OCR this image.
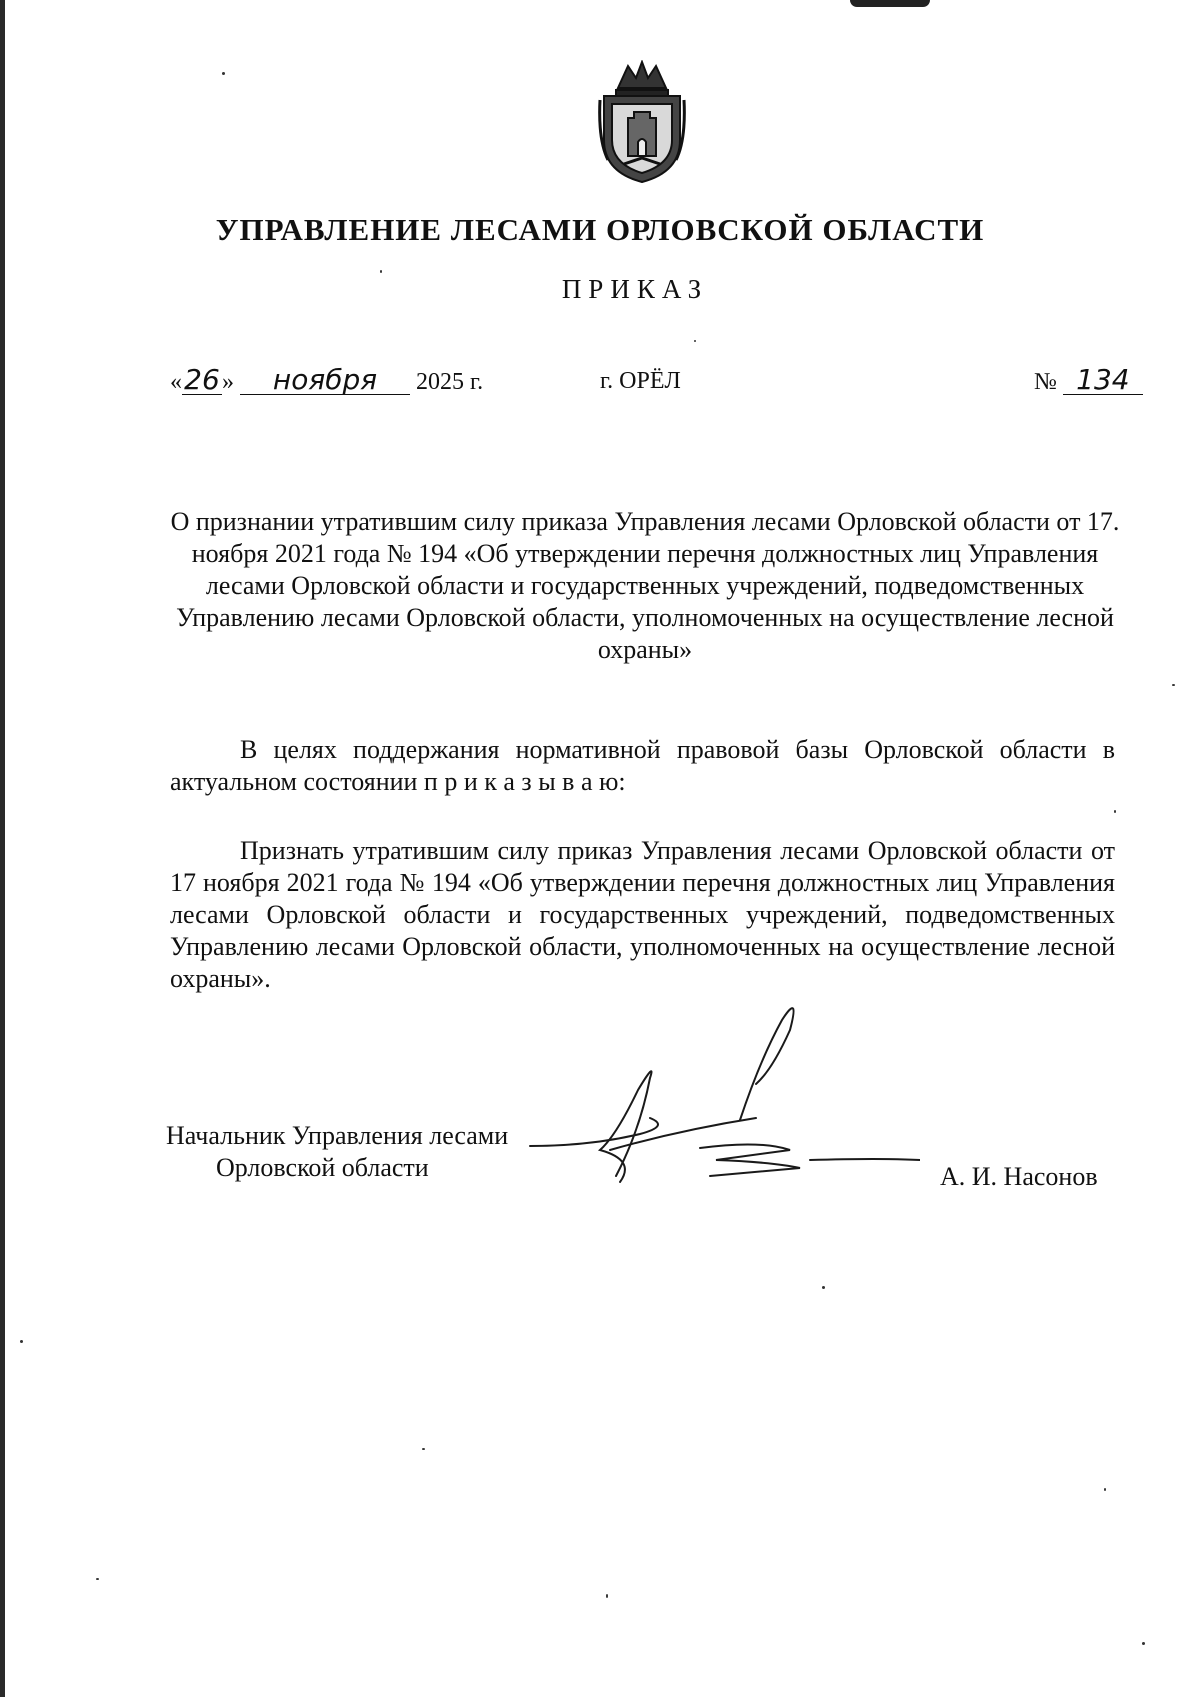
УПРАВЛЕНИЕ ЛЕСАМИ ОРЛОВСКОЙ ОБЛАСТИ
ПРИКАЗ
«26» ноября 2025 г.	г. ОРЁЛ	№ 134
О признании утратившим силу приказа Управления лесами Орловской области от 17. ноября 2021 года № 194 «Об утверждении перечня должностных лиц Управления лесами Орловской области и государственных учреждений, подведомственных Управлению лесами Орловской области, уполномоченных на осуществление лесной охраны»
В целях поддержания нормативной правовой базы Орловской области в актуальном состоянии п р и к а з ы в а ю:
Признать утратившим силу приказ Управления лесами Орловской области от 17 ноября 2021 года № 194 «Об утверждении перечня должностных лиц Управления лесами Орловской области и государственных учреждений, подведомственных Управлению лесами Орловской области, уполномоченных на осуществление лесной охраны».
Начальник Управления лесами
Орловской области	А. И. Насонов
